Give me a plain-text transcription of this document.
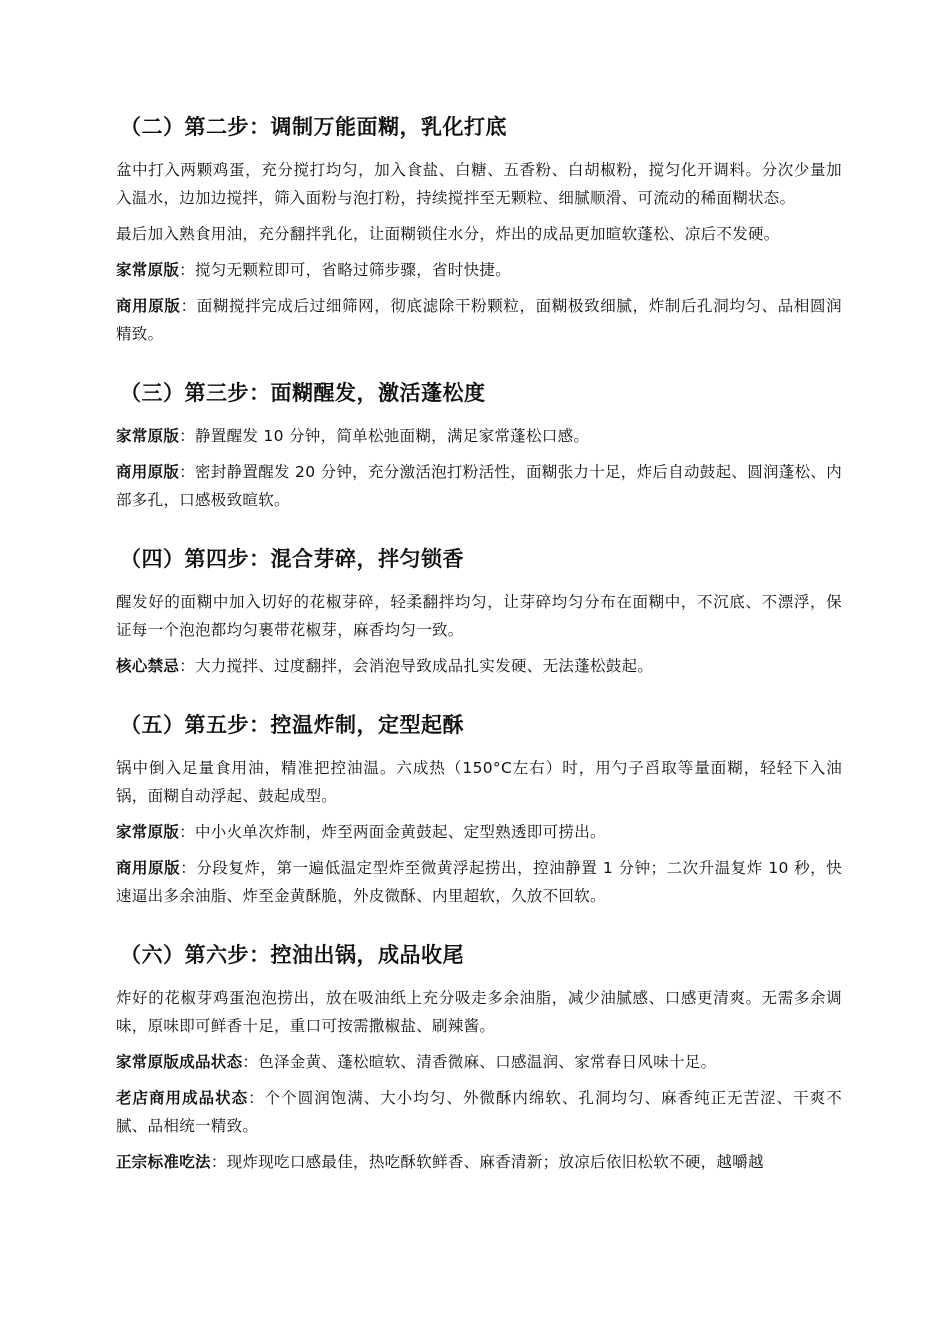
（二）第二步：调制万能面糊，乳化打底

盆中打入两颗鸡蛋，充分搅打均匀，加入食盐、白糖、五香粉、白胡椒粉，搅匀化开调料。分次少量加入温水，边加边搅拌，筛入面粉与泡打粉，持续搅拌至无颗粒、细腻顺滑、可流动的稀面糊状态。

最后加入熟食用油，充分翻拌乳化，让面糊锁住水分，炸出的成品更加暄软蓬松、凉后不发硬。

家常原版：搅匀无颗粒即可，省略过筛步骤，省时快捷。

商用原版：面糊搅拌完成后过细筛网，彻底滤除干粉颗粒，面糊极致细腻，炸制后孔洞均匀、品相圆润精致。

（三）第三步：面糊醒发，激活蓬松度

家常原版：静置醒发 10 分钟，简单松弛面糊，满足家常蓬松口感。

商用原版：密封静置醒发 20 分钟，充分激活泡打粉活性，面糊张力十足，炸后自动鼓起、圆润蓬松、内部多孔，口感极致暄软。

（四）第四步：混合芽碎，拌匀锁香

醒发好的面糊中加入切好的花椒芽碎，轻柔翻拌均匀，让芽碎均匀分布在面糊中，不沉底、不漂浮，保证每一个泡泡都均匀裹带花椒芽，麻香均匀一致。

核心禁忌：大力搅拌、过度翻拌，会消泡导致成品扎实发硬、无法蓬松鼓起。

（五）第五步：控温炸制，定型起酥

锅中倒入足量食用油，精准把控油温。六成热（150°C左右）时，用勺子舀取等量面糊，轻轻下入油锅，面糊自动浮起、鼓起成型。

家常原版：中小火单次炸制，炸至两面金黄鼓起、定型熟透即可捞出。

商用原版：分段复炸，第一遍低温定型炸至微黄浮起捞出，控油静置 1 分钟；二次升温复炸 10 秒，快速逼出多余油脂、炸至金黄酥脆，外皮微酥、内里超软，久放不回软。

（六）第六步：控油出锅，成品收尾

炸好的花椒芽鸡蛋泡泡捞出，放在吸油纸上充分吸走多余油脂，减少油腻感、口感更清爽。无需多余调味，原味即可鲜香十足，重口可按需撒椒盐、刷辣酱。

家常原版成品状态：色泽金黄、蓬松暄软、清香微麻、口感温润、家常春日风味十足。

老店商用成品状态：个个圆润饱满、大小均匀、外微酥内绵软、孔洞均匀、麻香纯正无苦涩、干爽不腻、品相统一精致。

正宗标准吃法：现炸现吃口感最佳，热吃酥软鲜香、麻香清新；放凉后依旧松软不硬，越嚼越
